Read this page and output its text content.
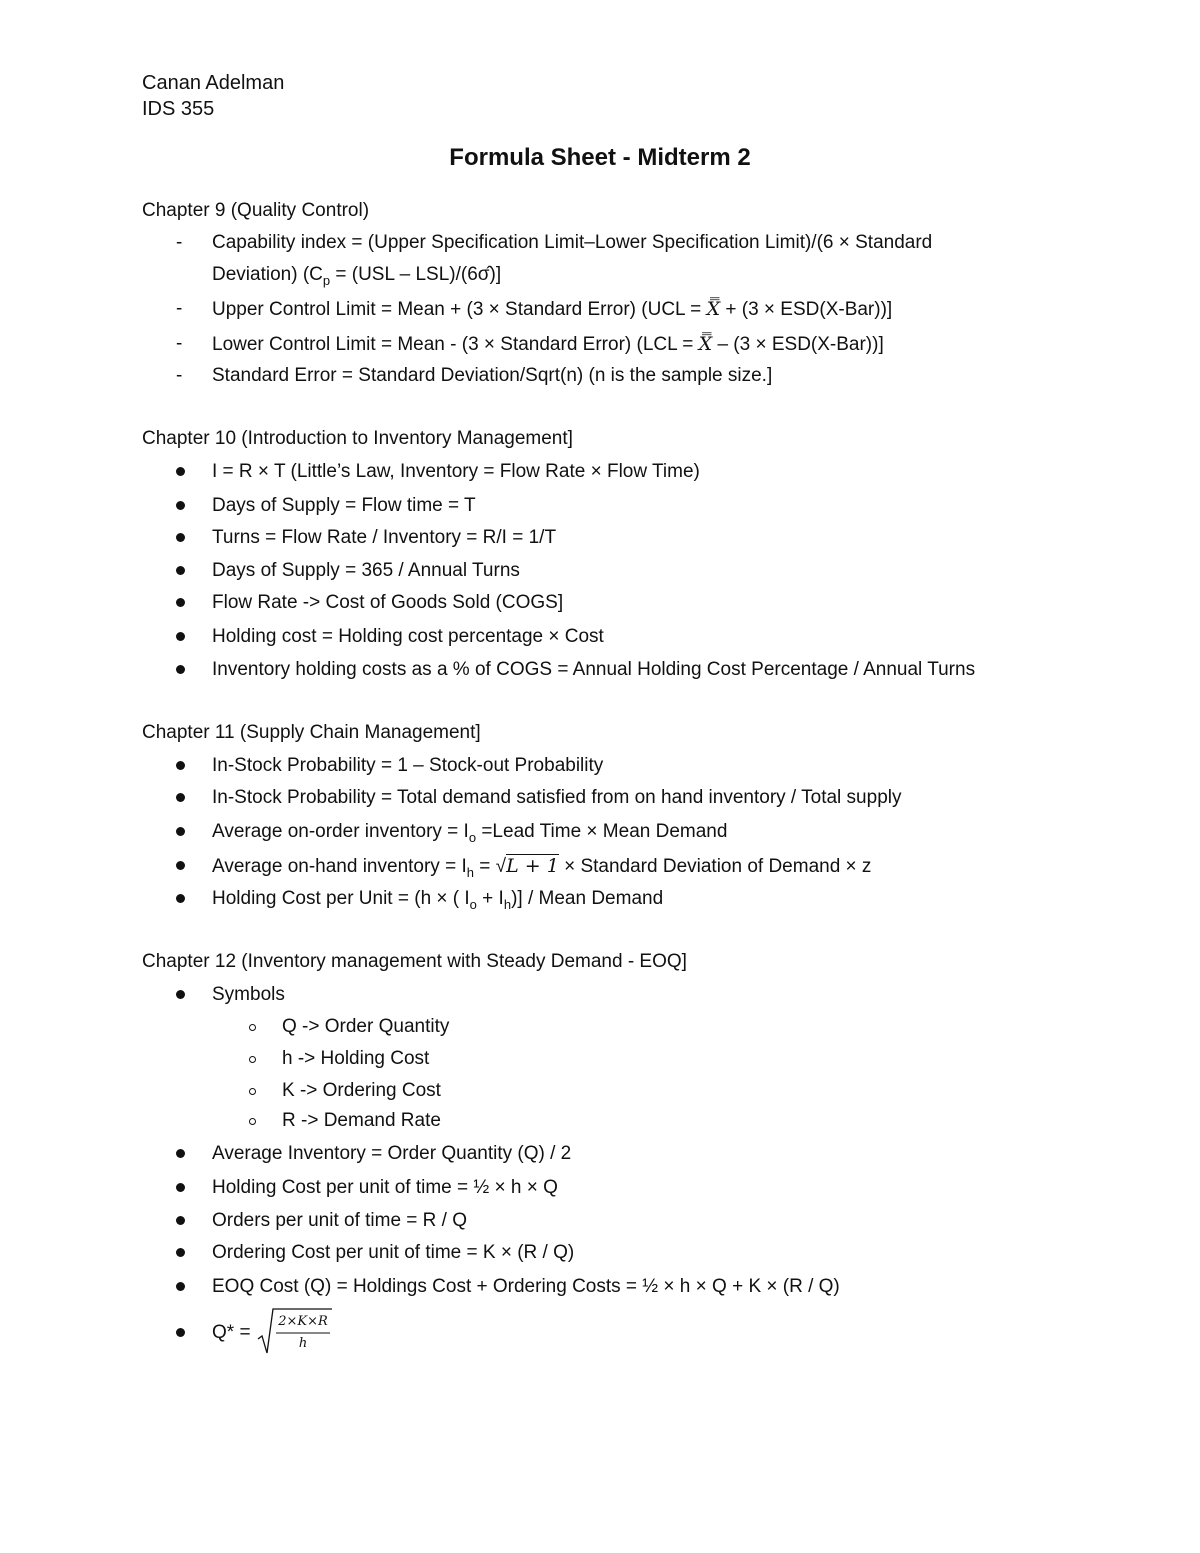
Canan Adelman
IDS 355
Formula Sheet - Midterm 2
Chapter 9 (Quality Control)
- Capability index = (Upper Specification Limit–Lower Specification Limit)/(6 × Standard
Deviation) ($C_p = (USL$ – LSL)/(6σ̂)]
- Upper Control Limit = Mean + (3 × Standard Error) (UCL = X̿ + (3 × ESD(X-Bar))]
- Lower Control Limit = Mean - (3 × Standard Error) (LCL = X̿ – (3 × ESD(X-Bar))]
- Standard Error = Standard Deviation/Sqrt(n) (n is the sample size.]
Chapter 10 (Introduction to Inventory Management]
I = R × T (Little’s Law, Inventory = Flow Rate × Flow Time)
Days of Supply = Flow time = T
Turns = Flow Rate / Inventory = R/I = 1/T
Days of Supply = 365 / Annual Turns
Flow Rate -> Cost of Goods Sold (COGS]
Holding cost = Holding cost percentage × Cost
Inventory holding costs as a % of COGS = Annual Holding Cost Percentage / Annual Turns
Chapter 11 (Supply Chain Management]
In-Stock Probability = 1 – Stock-out Probability
In-Stock Probability = Total demand satisfied from on hand inventory / Total supply
Average on-order inventory = $I_o$ =Lead Time × Mean Demand
Average on-hand inventory = $I_h = √L + 1$ × Standard Deviation of Demand × z
Holding Cost per Unit = (h × ( $I_o + I_h$)] / Mean Demand
Chapter 12 (Inventory management with Steady Demand - EOQ]
Symbols
Q -> Order Quantity
h -> Holding Cost
K -> Ordering Cost
R -> Demand Rate
Average Inventory = Order Quantity (Q) / 2
Holding Cost per unit of time = ½ × h × Q
Orders per unit of time = R / Q
Ordering Cost per unit of time = K × (R / Q)
EOQ Cost (Q) = Holdings Cost + Ordering Costs = ½ × h × Q + K × (R / Q)
Q* =
2×K×R
h
